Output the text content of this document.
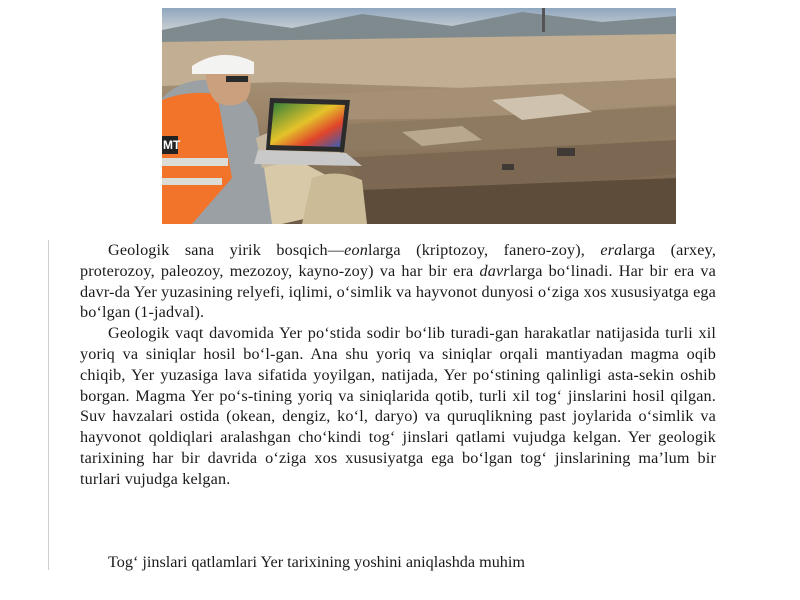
MT

Geologik sana yirik bosqich—eonlarga (kriptozoy, fanero-zoy), eralarga (arxey, proterozoy, paleozoy, mezozoy, kayno-zoy) va har bir era davrlarga bo‘linadi. Har bir era va davr-da Yer yuzasining relyefi, iqlimi, o‘simlik va hayvonot dunyosi o‘ziga xos xususiyatga ega bo‘lgan (1-jadval).

Geologik vaqt davomida Yer po‘stida sodir bo‘lib turadi-gan harakatlar natijasida turli xil yoriq va siniqlar hosil bo‘l-gan. Ana shu yoriq va siniqlar orqali mantiyadan magma oqib chiqib, Yer yuzasiga lava sifatida yoyilgan, natijada, Yer po‘stining qalinligi asta-sekin oshib borgan. Magma Yer po‘s-tining yoriq va siniqlarida qotib, turli xil tog‘ jinslarini hosil qilgan. Suv havzalari ostida (okean, dengiz, ko‘l, daryo) va quruqlikning past joylarida o‘simlik va hayvonot qoldiqlari aralashgan cho‘kindi tog‘ jinslari qatlami vujudga kelgan. Yer geologik tarixining har bir davrida o‘ziga xos xususiyatga ega bo‘lgan tog‘ jinslarining ma’lum bir turlari vujudga kelgan.

Tog‘ jinslari qatlamlari Yer tarixining yoshini aniqlashda muhim
